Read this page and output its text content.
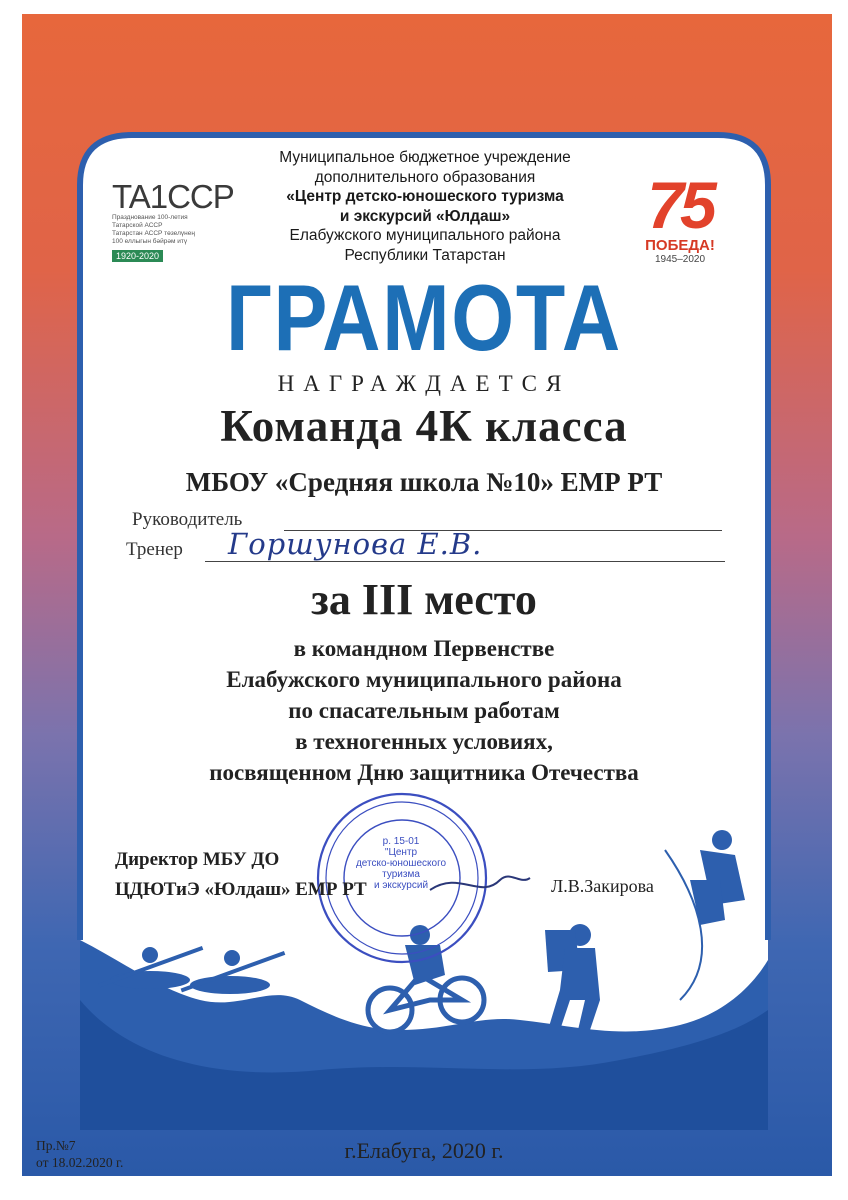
TA1CCP
Празднование 100-летия
Татарской АССР
Татарстан АССР төзелүнең
100 еллыгын бәйрәм итү
1920-2020
75
ПОБЕДА!
1945–2020
Муниципальное бюджетное учреждение
дополнительного образования
«Центр детско-юношеского туризма
и экскурсий «Юлдаш»
Елабужского муниципального района
Республики Татарстан
ГРАМОТА
НАГРАЖДАЕТСЯ
Команда 4К класса
МБОУ «Средняя школа №10» ЕМР РТ
Руководитель
Тренер Горшунова Е.В.
за III место
в командном Первенстве
Елабужского муниципального района
по спасательным работам
в техногенных условиях,
посвященном Дню защитника Отечества
р. 15-01
"Центр
детско-юношеского
туризма
и экскурсий
Директор МБУ ДО
ЦДЮТиЭ «Юлдаш» ЕМР РТ	Л.В.Закирова
Пр.№7
от 18.02.2020 г.	г.Елабуга, 2020 г.
